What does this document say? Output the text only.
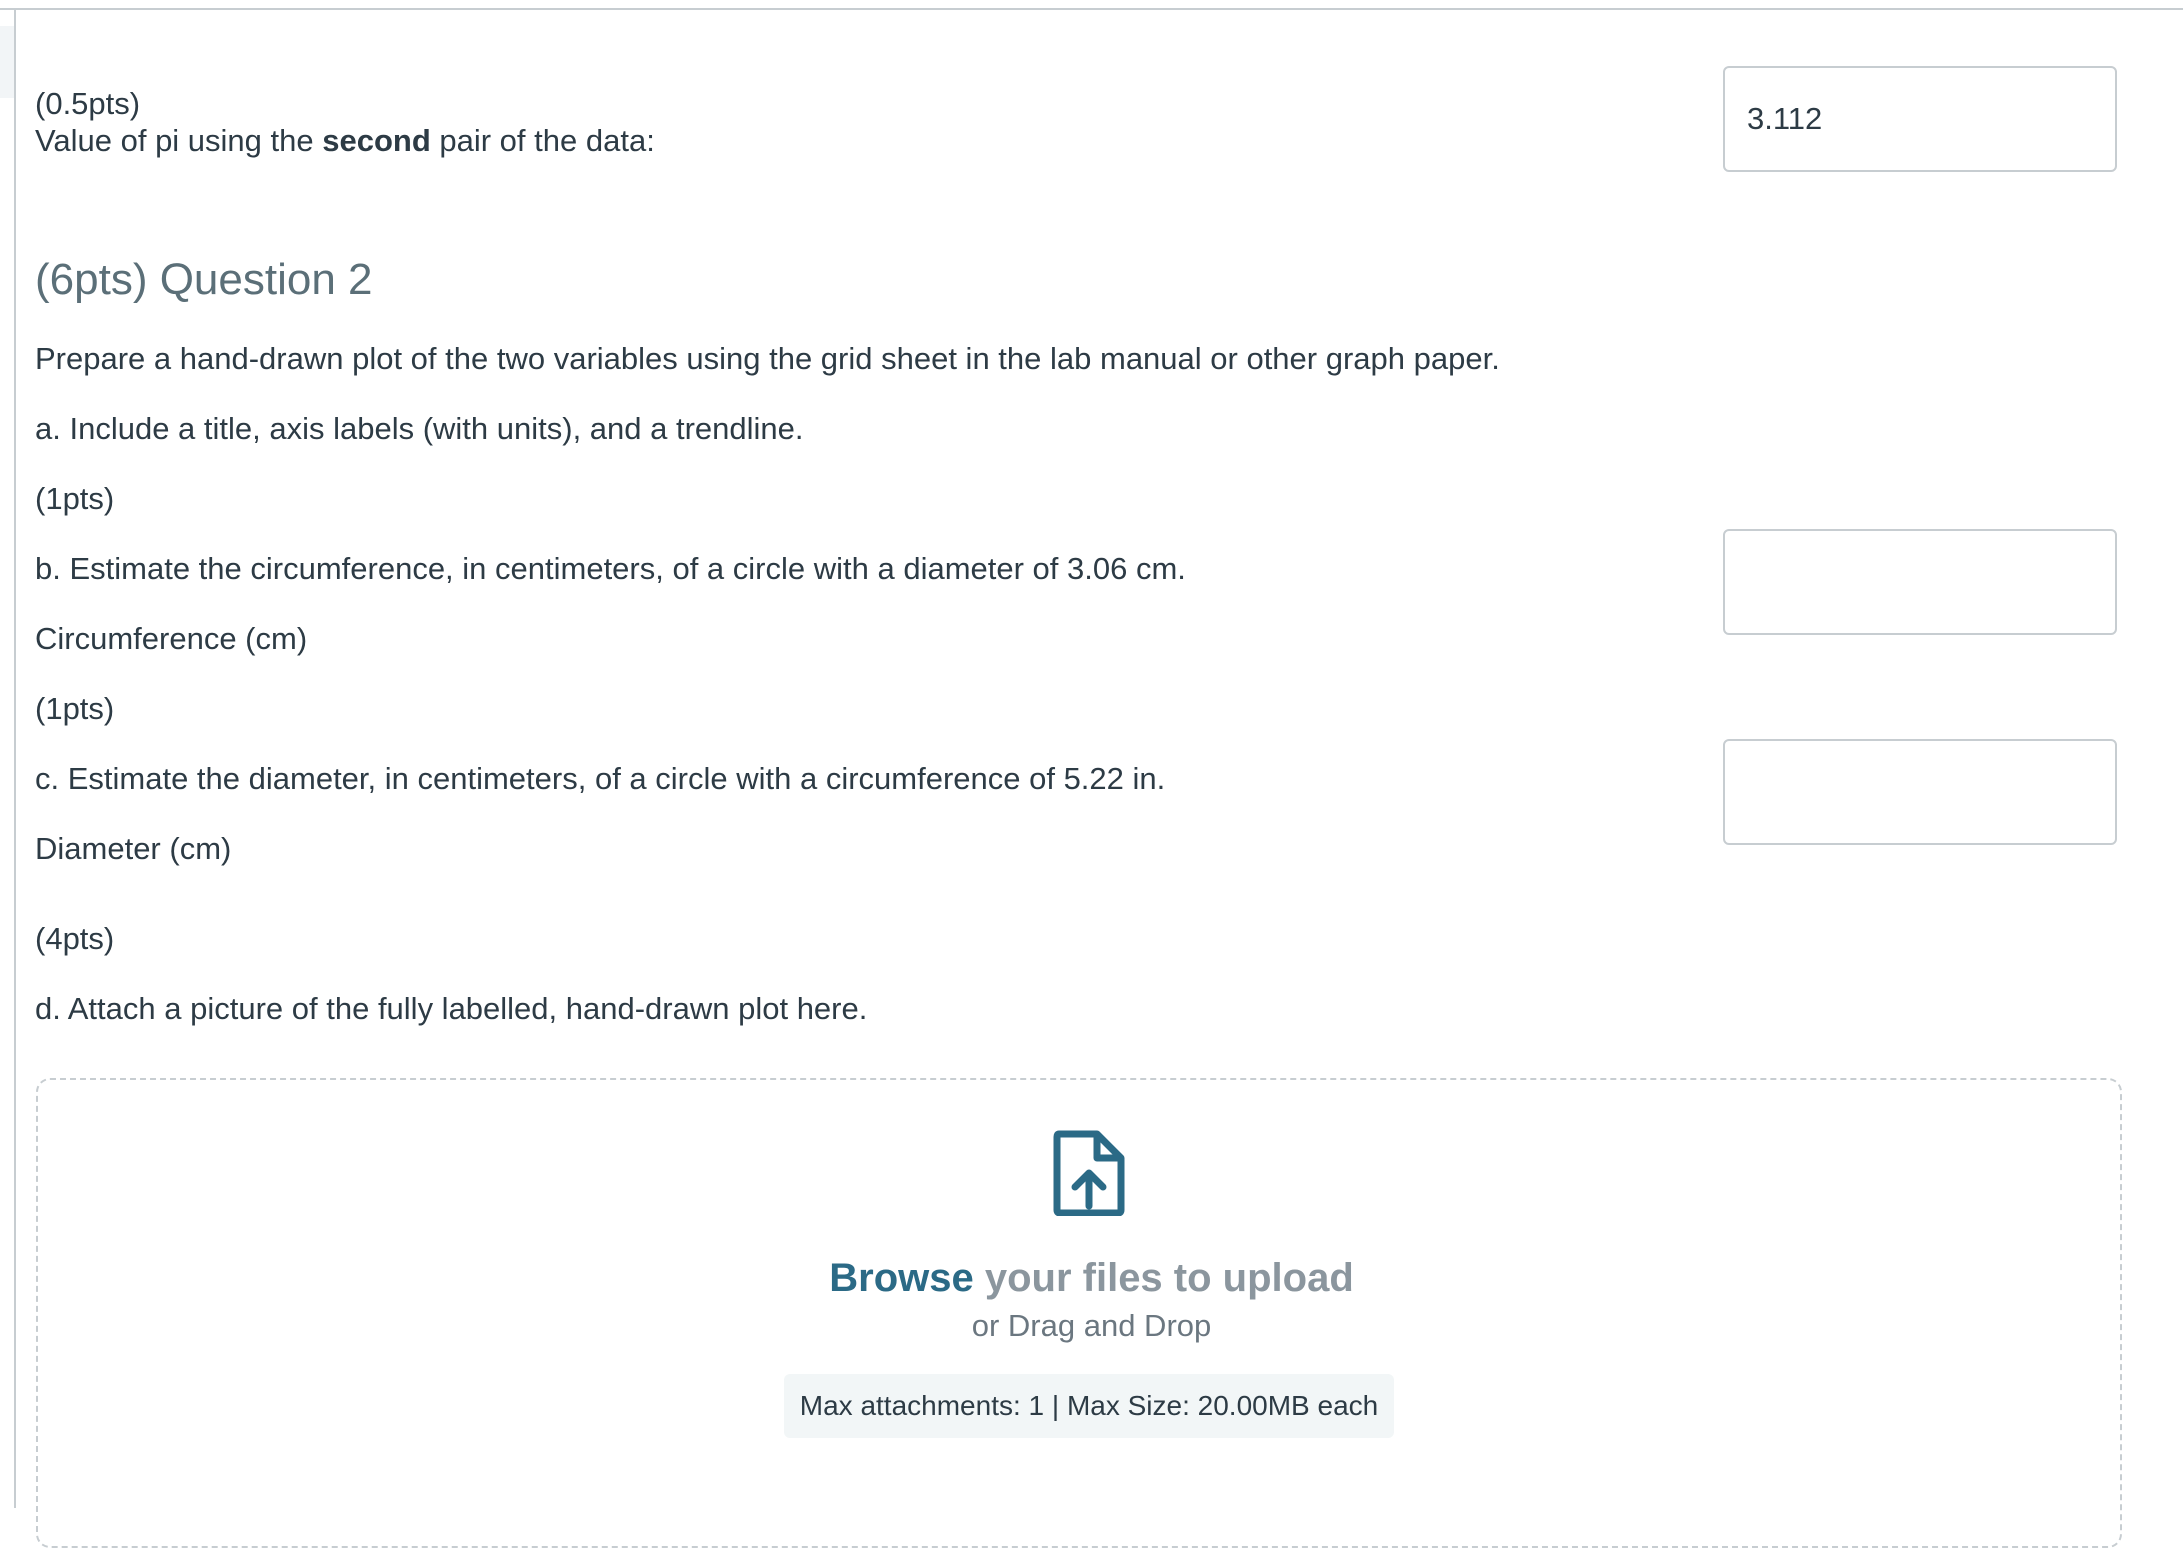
(0.5pts)
Value of pi using the second pair of the data:
3.112
(6pts) Question 2
Prepare a hand-drawn plot of the two variables using the grid sheet in the lab manual or other graph paper.
a. Include a title, axis labels (with units), and a trendline.
(1pts)
b. Estimate the circumference, in centimeters, of a circle with a diameter of 3.06 cm.
Circumference (cm)
(1pts)
c. Estimate the diameter, in centimeters, of a circle with a circumference of 5.22 in.
Diameter (cm)
(4pts)
d. Attach a picture of the fully labelled, hand-drawn plot here.
Browse your files to upload
or Drag and Drop
Max attachments: 1 | Max Size: 20.00MB each
